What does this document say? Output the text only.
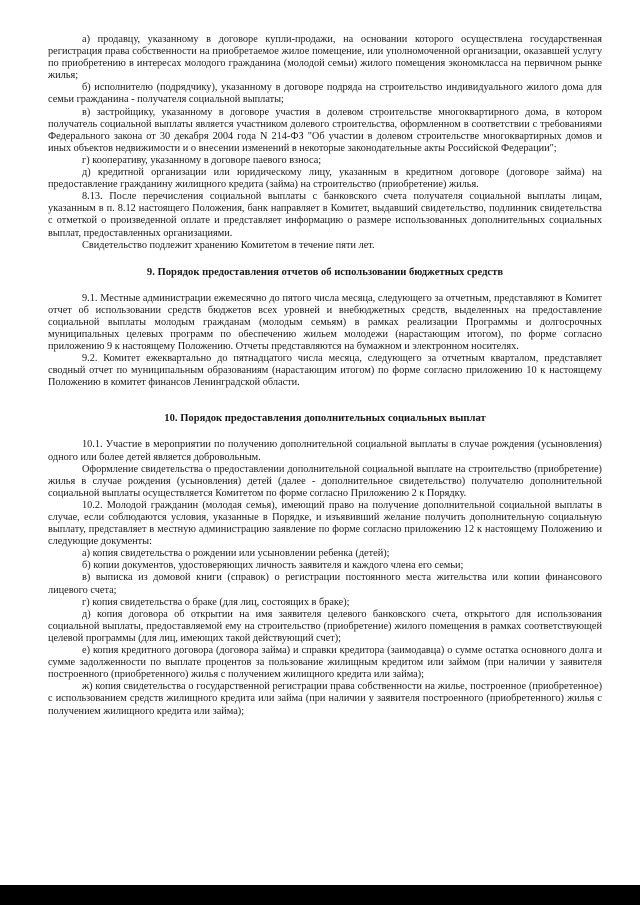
а) продавцу, указанному в договоре купли-продажи, на основании которого осуществлена государственная регистрация права собственности на приобретаемое жилое помещение, или уполномоченной организации, оказавшей услугу по приобретению в интересах молодого гражданина (молодой семьи) жилого помещения экономкласса на первичном рынке жилья;

б) исполнителю (подрядчику), указанному в договоре подряда на строительство индивидуального жилого дома для семьи гражданина - получателя социальной выплаты;

в) застройщику, указанному в договоре участия в долевом строительстве многоквартирного дома, в котором получатель социальной выплаты является участником долевого строительства, оформленном в соответствии с требованиями Федерального закона от 30 декабря 2004 года N 214-ФЗ "Об участии в долевом строительстве многоквартирных домов и иных объектов недвижимости и о внесении изменений в некоторые законодательные акты Российской Федерации";

г) кооперативу, указанному в договоре паевого взноса;

д) кредитной организации или юридическому лицу, указанным в кредитном договоре (договоре займа) на предоставление гражданину жилищного кредита (займа) на строительство (приобретение) жилья.

8.13. После перечисления социальной выплаты с банковского счета получателя социальной выплаты лицам, указанным в п. 8.12 настоящего Положения, банк направляет в Комитет, выдавший свидетельство, подлинник свидетельства с отметкой о произведенной оплате и представляет информацию о размере использованных дополнительных социальных выплат, предоставленных организациями.

Свидетельство подлежит хранению Комитетом в течение пяти лет.

9. Порядок предоставления отчетов об использовании бюджетных средств

9.1. Местные администрации ежемесячно до пятого числа месяца, следующего за отчетным, представляют в Комитет отчет об использовании средств бюджетов всех уровней и внебюджетных средств, выделенных на предоставление социальной выплаты молодым гражданам (молодым семьям) в рамках реализации Программы и долгосрочных муниципальных целевых программ по обеспечению жильем молодежи (нарастающим итогом), по форме согласно приложению 9 к настоящему Положению. Отчеты представляются на бумажном и электронном носителях.

9.2. Комитет ежеквартально до пятнадцатого числа месяца, следующего за отчетным кварталом, представляет сводный отчет по муниципальным образованиям (нарастающим итогом) по форме согласно приложению 10 к настоящему Положению в комитет финансов Ленинградской области.

10. Порядок предоставления дополнительных социальных выплат

10.1. Участие в мероприятии по получению дополнительной социальной выплаты в случае рождения (усыновления) одного или более детей является добровольным.

Оформление свидетельства о предоставлении дополнительной социальной выплате на строительство (приобретение) жилья в случае рождения (усыновления) детей (далее - дополнительное свидетельство) получателю дополнительной социальной выплаты осуществляется Комитетом по форме согласно Приложению 2 к Порядку.

10.2. Молодой гражданин (молодая семья), имеющий право на получение дополнительной социальной выплаты в случае, если соблюдаются условия, указанные в Порядке, и изъявивший желание получить дополнительную социальную выплату, представляет в местную администрацию заявление по форме согласно приложению 12 к настоящему Положению и следующие документы:

а) копия свидетельства о рождении или усыновлении ребенка (детей);

б) копии документов, удостоверяющих личность заявителя и каждого члена его семьи;

в) выписка из домовой книги (справок) о регистрации постоянного места жительства или копии финансового лицевого счета;

г) копия свидетельства о браке (для лиц, состоящих в браке);

д) копия договора об открытии на имя заявителя целевого банковского счета, открытого для использования социальной выплаты, предоставляемой ему на строительство (приобретение) жилого помещения в рамках соответствующей целевой программы (для лиц, имеющих такой действующий счет);

е) копия кредитного договора (договора займа) и справки кредитора (заимодавца) о сумме остатка основного долга и сумме задолженности по выплате процентов за пользование жилищным кредитом или займом (при наличии у заявителя построенного (приобретенного) жилья с получением жилищного кредита или займа);

ж) копия свидетельства о государственной регистрации права собственности на жилье, построенное (приобретенное) с использованием средств жилищного кредита или займа (при наличии у заявителя построенного (приобретенного) жилья с получением жилищного кредита или займа);
